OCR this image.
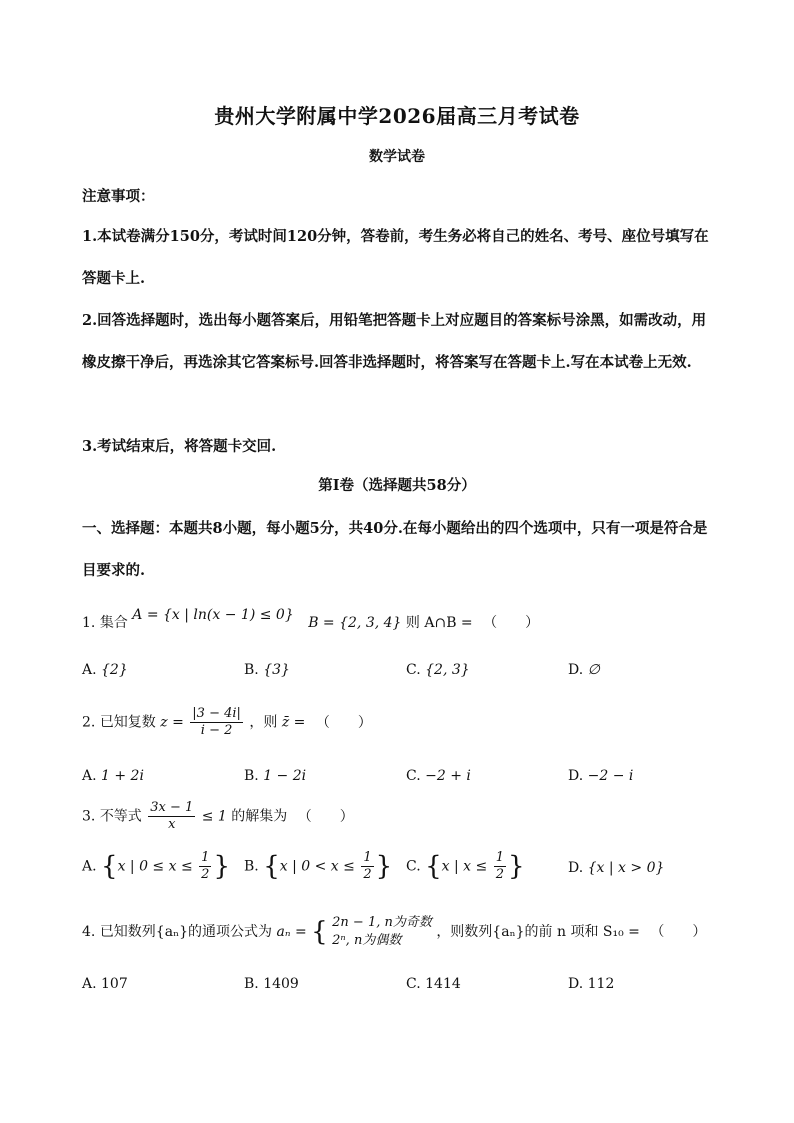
贵州大学附属中学2026届高三月考试卷
数学试卷
注意事项：
1.本试卷满分150分，考试时间120分钟，答卷前，考生务必将自己的姓名、考号、座位号填写在答题卡上.
2.回答选择题时，选出每小题答案后，用铅笔把答题卡上对应题目的答案标号涂黑，如需改动，用橡皮擦干净后，再选涂其它答案标号.回答非选择题时，将答案写在答题卡上.写在本试卷上无效.
3.考试结束后，将答题卡交回.
第Ⅰ卷（选择题共58分）
一、选择题：本题共8小题，每小题5分，共40分.在每小题给出的四个选项中，只有一项是符合是目要求的.
1. 集合 A = {x | ln(x − 1) ≤ 0} B = {2, 3, 4} 则 A∩B = （　　）
A. {2}	B. {3}	C. {2, 3}	D. ∅
2. 已知复数 $z = \frac{|3 - 4i|}{i - 2}$ ，则 z̄ = （　　）
A. 1 + 2i	B. 1 − 2i	C. −2 + i	D. −2 − i
3. 不等式 $\frac{3x - 1}{x} \le 1$ 的解集为 （　　）
A. {x | $0 \le x \le \frac{1}{2}$ } B. {x | $0 < x \le \frac{1}{2}$ } C. {x | $x \le \frac{1}{2}$ }	D. {x | x > 0}
4. 已知数列{aₙ}的通项公式为 aₙ = { 2n − 1, n为奇数
2ⁿ, n为偶数
，则数列{aₙ}的前 n 项和 S₁₀ = （　　）
A. 107	B. 1409	C. 1414	D. 112
